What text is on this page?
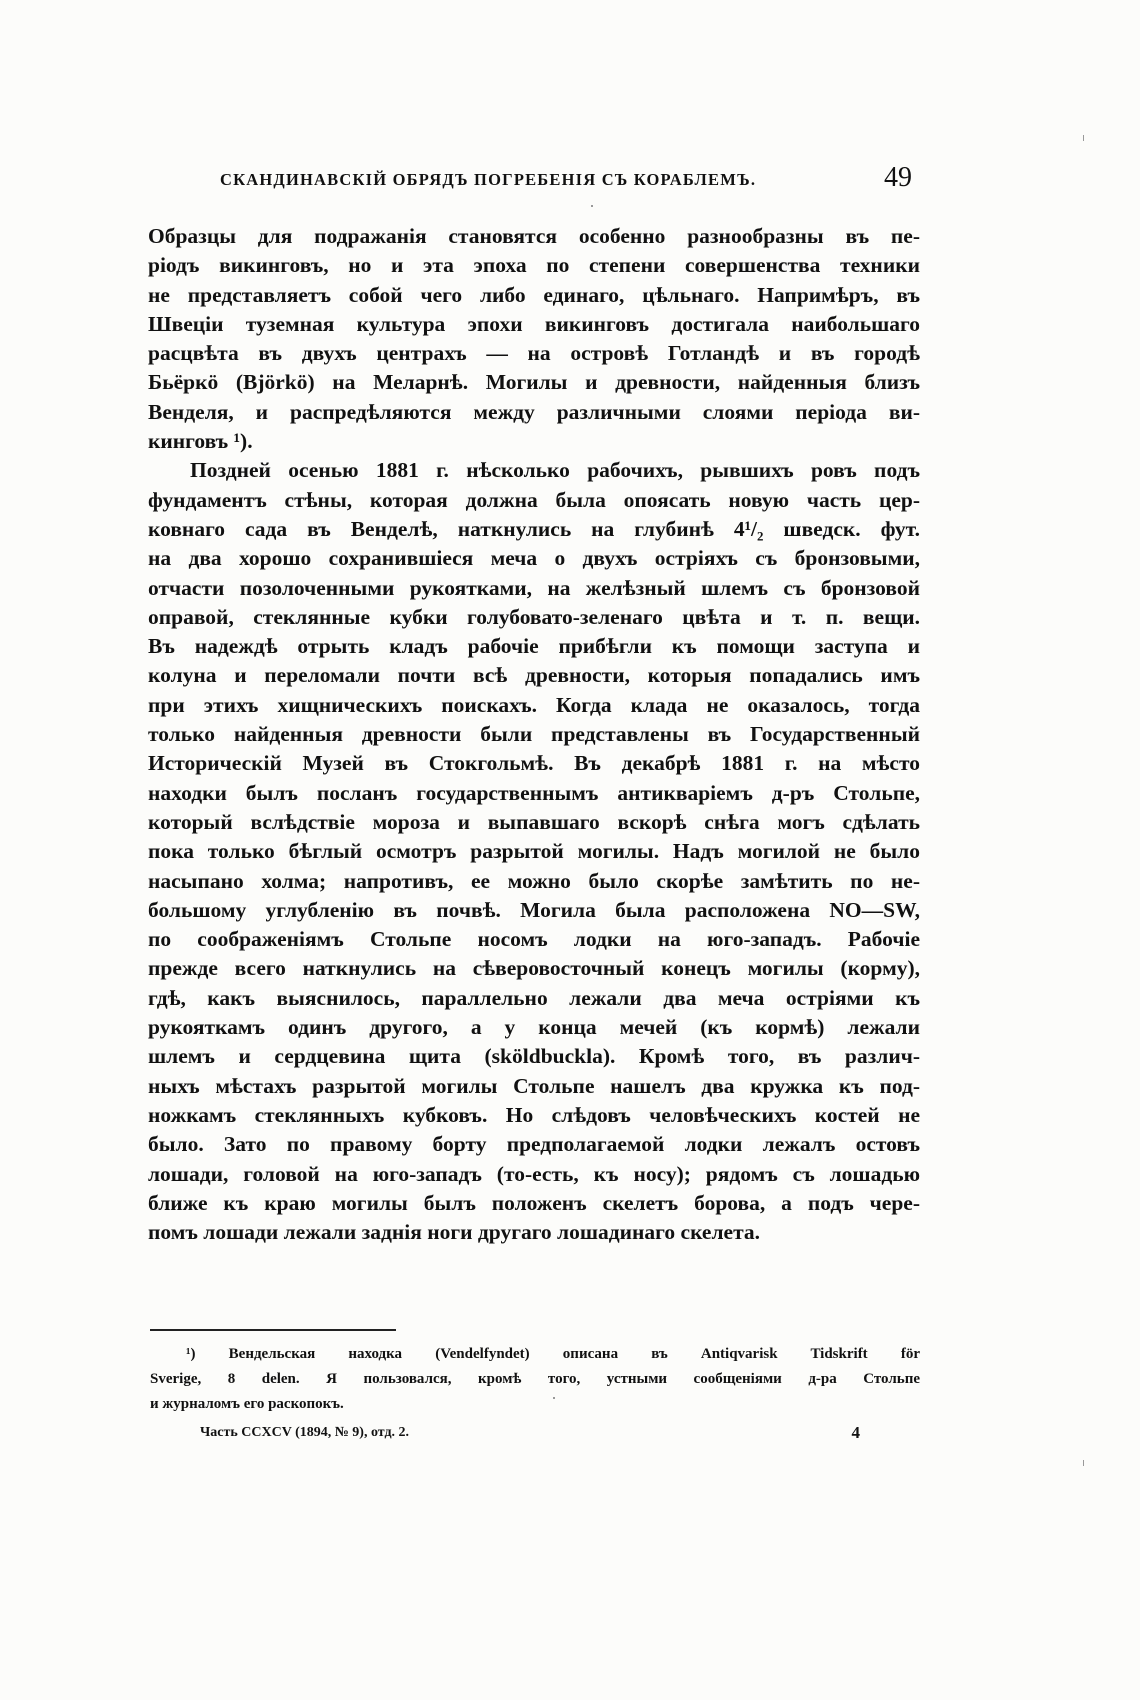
СКАНДИНАВСКІЙ ОБРЯДЪ ПОГРЕБЕНІЯ СЪ КОРАБЛЕМЪ.	49
Образцы для подражанія становятся особенно разнообразны въ пе-
ріодъ викинговъ, но и эта эпоха по степени совершенства техники
не представляетъ собой чего либо единаго, цѣльнаго. Напримѣръ, въ
Швеціи туземная культура эпохи викинговъ достигала наибольшаго
расцвѣта въ двухъ центрахъ — на островѣ Готландѣ и въ городѣ
Бьёркö (Björkö) на Меларнѣ. Могилы и древности, найденныя близъ
Венделя, и распредѣляются между различными слоями періода ви-
кинговъ ¹).
Поздней осенью 1881 г. нѣсколько рабочихъ, рывшихъ ровъ подъ
фундаментъ стѣны, которая должна была опоясать новую часть цер-
ковнаго сада въ Венделѣ, наткнулись на глубинѣ 4¹/₂ шведск. фут.
на два хорошо сохранившіеся меча о двухъ остріяхъ съ бронзовыми,
отчасти позолоченными рукоятками, на желѣзный шлемъ съ бронзовой
оправой, стеклянные кубки голубовато-зеленаго цвѣта и т. п. вещи.
Въ надеждѣ отрыть кладъ рабочіе прибѣгли къ помощи заступа и
колуна и переломали почти всѣ древности, которыя попадались имъ
при этихъ хищническихъ поискахъ. Когда клада не оказалось, тогда
только найденныя древности были представлены въ Государственный
Историческій Музей въ Стокгольмѣ. Въ декабрѣ 1881 г. на мѣсто
находки былъ посланъ государственнымъ антикваріемъ д-ръ Стольпе,
который вслѣдствіе мороза и выпавшаго вскорѣ снѣга могъ сдѣлать
пока только бѣглый осмотръ разрытой могилы. Надъ могилой не было
насыпано холма; напротивъ, ее можно было скорѣе замѣтить по не-
большому углубленію въ почвѣ. Могила была расположена NO—SW,
по соображеніямъ Стольпе носомъ лодки на юго-западъ. Рабочіе
прежде всего наткнулись на сѣверовосточный конецъ могилы (корму),
гдѣ, какъ выяснилось, параллельно лежали два меча остріями къ
рукояткамъ одинъ другого, а у конца мечей (къ кормѣ) лежали
шлемъ и сердцевина щита (sköldbuckla). Кромѣ того, въ различ-
ныхъ мѣстахъ разрытой могилы Стольпе нашелъ два кружка къ под-
ножкамъ стеклянныхъ кубковъ. Но слѣдовъ человѣческихъ костей не
было. Зато по правому борту предполагаемой лодки лежалъ остовъ
лошади, головой на юго-западъ (то-есть, къ носу); рядомъ съ лошадью
ближе къ краю могилы былъ положенъ скелетъ борова, а подъ чере-
помъ лошади лежали заднія ноги другаго лошадинаго скелета.
¹) Вендельская находка (Vendelfyndet) описана въ Antiqvarisk Tidskrift för
Sverige, 8 delen. Я пользовался, кромѣ того, устными сообщеніями д-ра Стольпе
и журналомъ его раскопокъ.
Часть CCXCV (1894, № 9), отд. 2.	4
